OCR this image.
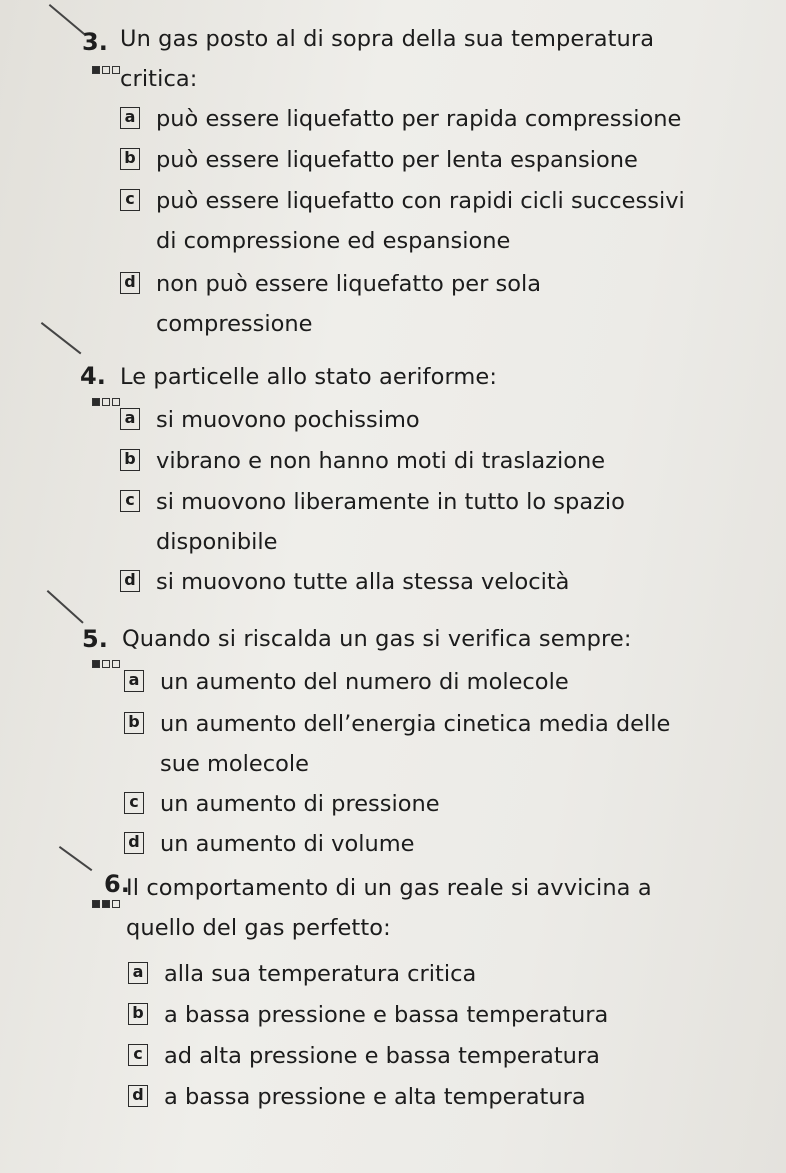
3. Un gas posto al di sopra della sua temperatura
critica:
a può essere liquefatto per rapida compressione
b può essere liquefatto per lenta espansione
c può essere liquefatto con rapidi cicli successivi
di compressione ed espansione
d non può essere liquefatto per sola
compressione
4. Le particelle allo stato aeriforme:
a si muovono pochissimo
b vibrano e non hanno moti di traslazione
c si muovono liberamente in tutto lo spazio
disponibile
d si muovono tutte alla stessa velocità
5. Quando si riscalda un gas si verifica sempre:
a un aumento del numero di molecole
b un aumento dell’energia cinetica media delle
sue molecole
c un aumento di pressione
d un aumento di volume
6.
Il comportamento di un gas reale si avvicina a
quello del gas perfetto:
a alla sua temperatura critica
b a bassa pressione e bassa temperatura
c ad alta pressione e bassa temperatura
d a bassa pressione e alta temperatura
